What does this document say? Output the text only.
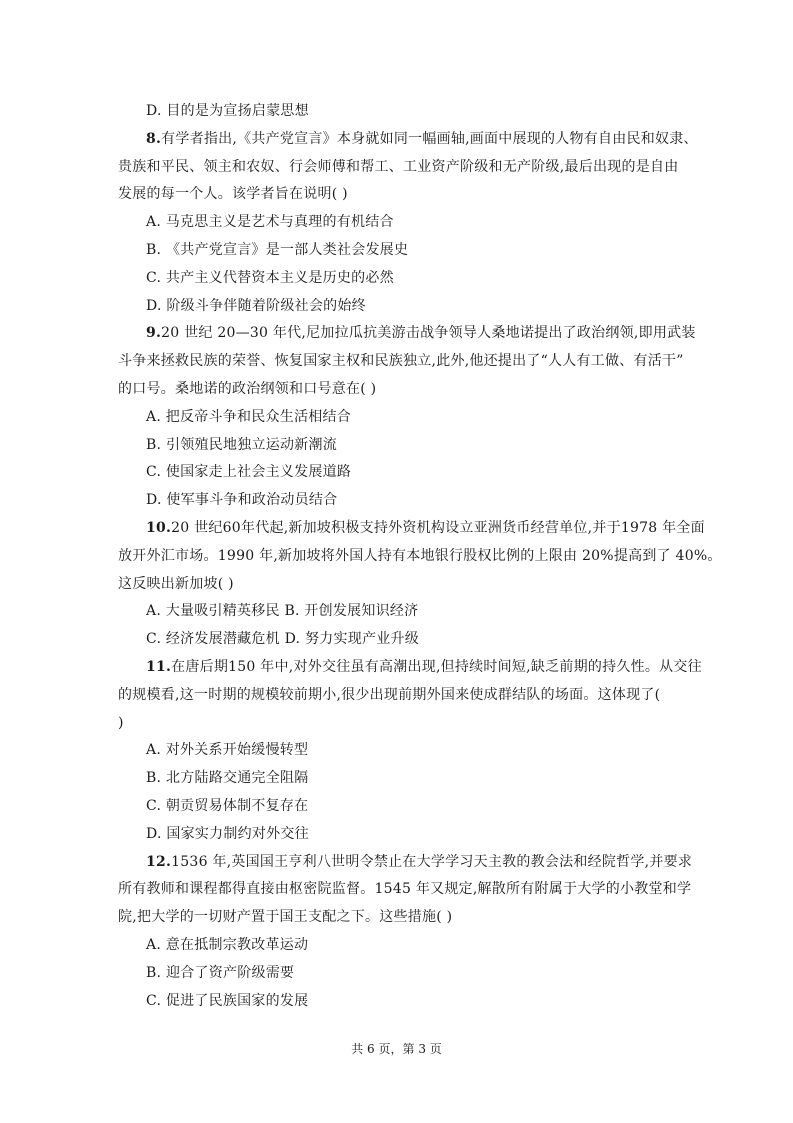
D. 目的是为宣扬启蒙思想
8.有学者指出,《共产党宣言》本身就如同一幅画轴,画面中展现的人物有自由民和奴隶、
贵族和平民、领主和农奴、行会师傅和帮工、工业资产阶级和无产阶级,最后出现的是自由
发展的每一个人。该学者旨在说明( )
A. 马克思主义是艺术与真理的有机结合
B. 《共产党宣言》是一部人类社会发展史
C. 共产主义代替资本主义是历史的必然
D. 阶级斗争伴随着阶级社会的始终
9.20 世纪 20—30 年代,尼加拉瓜抗美游击战争领导人桑地诺提出了政治纲领,即用武装
斗争来拯救民族的荣誉、恢复国家主权和民族独立,此外,他还提出了“人人有工做、有活干”
的口号。桑地诺的政治纲领和口号意在( )
A. 把反帝斗争和民众生活相结合
B. 引领殖民地独立运动新潮流
C. 使国家走上社会主义发展道路
D. 使军事斗争和政治动员结合
10.20 世纪60年代起,新加坡积极支持外资机构设立亚洲货币经营单位,并于1978 年全面
放开外汇市场。1990 年,新加坡将外国人持有本地银行股权比例的上限由 20%提高到了 40%。
这反映出新加坡( )
A. 大量吸引精英移民 B. 开创发展知识经济
C. 经济发展潜藏危机 D. 努力实现产业升级
11.在唐后期150 年中,对外交往虽有高潮出现,但持续时间短,缺乏前期的持久性。从交往
的规模看,这一时期的规模较前期小,很少出现前期外国来使成群结队的场面。这体现了(
)
A. 对外关系开始缓慢转型
B. 北方陆路交通完全阻隔
C. 朝贡贸易体制不复存在
D. 国家实力制约对外交往
12.1536 年,英国国王亨利八世明令禁止在大学学习天主教的教会法和经院哲学,并要求
所有教师和课程都得直接由枢密院监督。1545 年又规定,解散所有附属于大学的小教堂和学
院,把大学的一切财产置于国王支配之下。这些措施( )
A. 意在抵制宗教改革运动
B. 迎合了资产阶级需要
C. 促进了民族国家的发展
共 6 页，第 3 页
